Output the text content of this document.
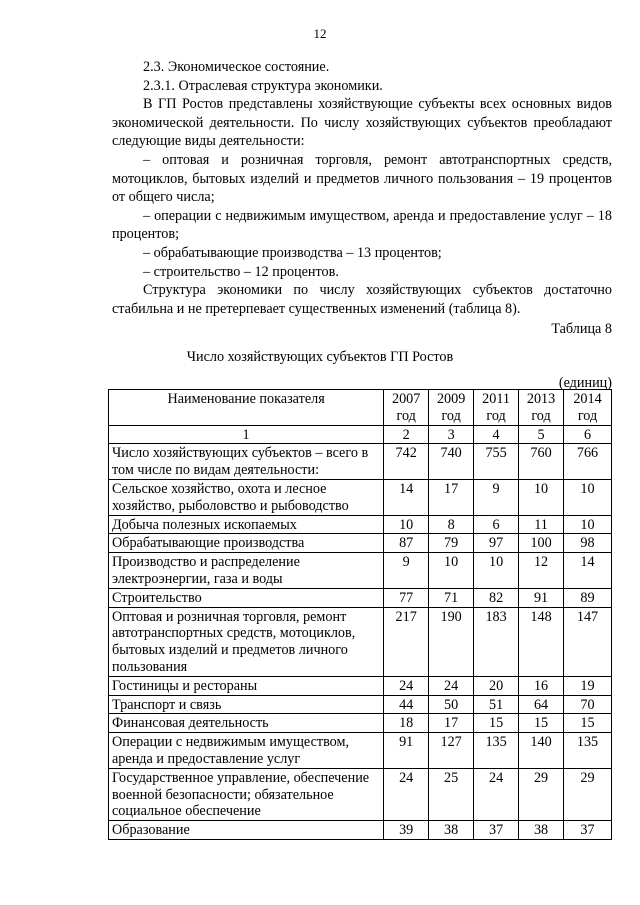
12

2.3. Экономическое состояние.

2.3.1. Отраслевая структура экономики.

В ГП Ростов представлены хозяйствующие субъекты всех основных видов экономической деятельности. По числу хозяйствующих субъектов преобладают следующие виды деятельности:

– оптовая и розничная торговля, ремонт автотранспортных средств, мотоциклов, бытовых изделий и предметов личного пользования – 19 процентов от общего числа;

– операции с недвижимым имуществом, аренда и предоставление услуг – 18 процентов;

– обрабатывающие производства – 13 процентов;

– строительство – 12 процентов.

Структура экономики по числу хозяйствующих субъектов достаточно стабильна и не претерпевает существенных изменений (таблица 8).

Таблица 8
Число хозяйствующих субъектов ГП Ростов
(единиц)
Наименование показателя	2007 год	2009 год	2011 год	2013 год	2014 год
1	2	3	4	5	6
Число хозяйствующих субъектов – всего в том числе по видам деятельности:	742	740	755	760	766
Сельское хозяйство, охота и лесное хозяйство, рыболовство и рыбоводство	14	17	9	10	10
Добыча полезных ископаемых	10	8	6	11	10
Обрабатывающие производства	87	79	97	100	98
Производство и распределение электроэнергии, газа и воды	9	10	10	12	14
Строительство	77	71	82	91	89
Оптовая и розничная торговля, ремонт автотранспортных средств, мотоциклов, бытовых изделий и предметов личного пользования	217	190	183	148	147
Гостиницы и рестораны	24	24	20	16	19
Транспорт и связь	44	50	51	64	70
Финансовая деятельность	18	17	15	15	15
Операции с недвижимым имуществом, аренда и предоставление услуг	91	127	135	140	135
Государственное управление, обеспечение военной безопасности; обязательное социальное обеспечение	24	25	24	29	29
Образование	39	38	37	38	37
